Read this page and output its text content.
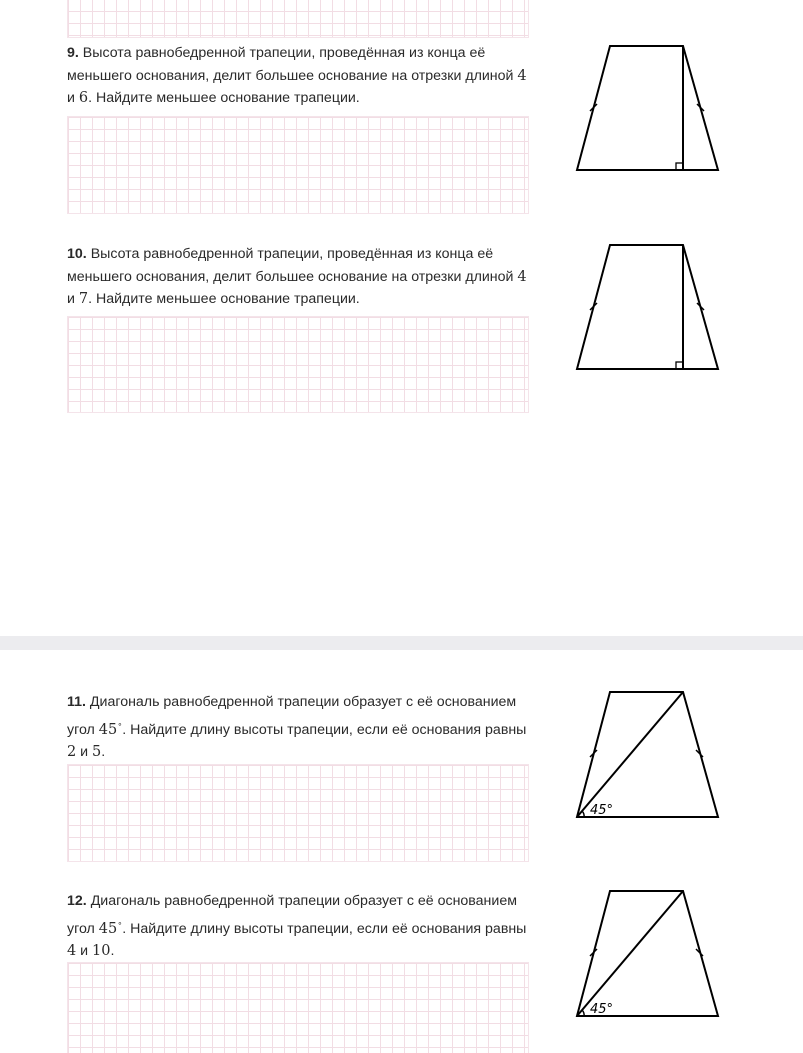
9. Высота равнобедренной трапеции, проведённая из конца её меньшего основания, делит большее основание на отрезки длиной 4 и 6. Найдите меньшее основание трапеции.

10. Высота равнобедренной трапеции, проведённая из конца её меньшего основания, делит большее основание на отрезки длиной 4 и 7. Найдите меньшее основание трапеции.

11. Диагональ равнобедренной трапеции образует с её основанием угол 45∘. Найдите длину высоты трапеции, если её основания равны 2 и 5.

45°

12. Диагональ равнобедренной трапеции образует с её основанием угол 45∘. Найдите длину высоты трапеции, если её основания равны 4 и 10.

45°
